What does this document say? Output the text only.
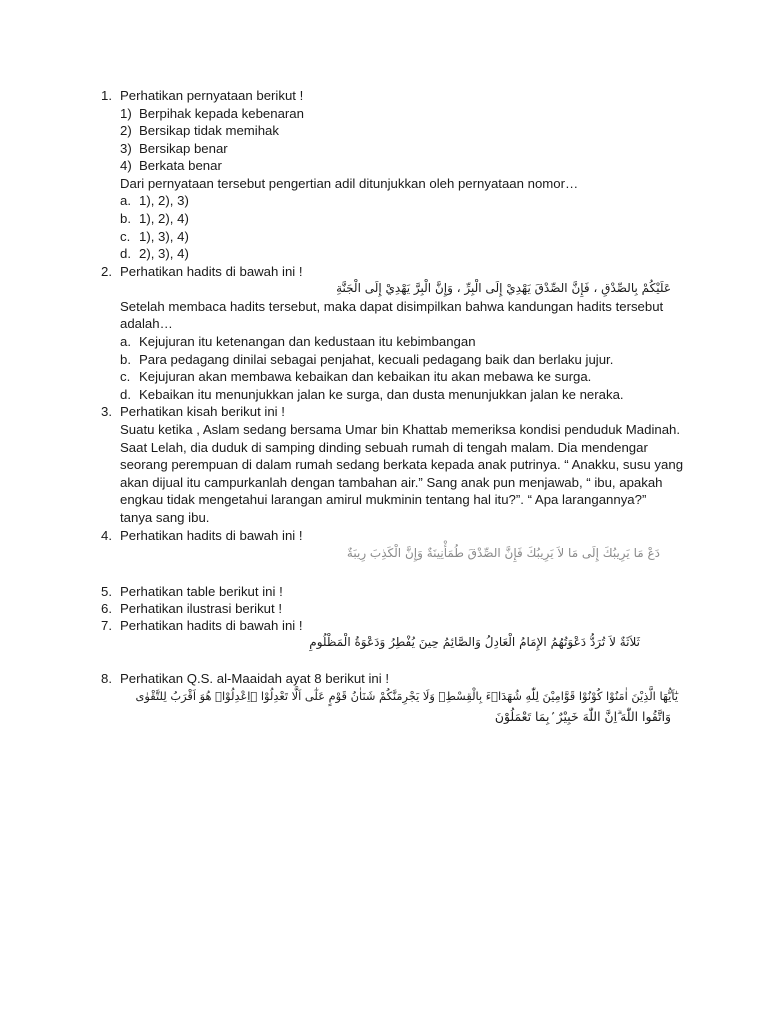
1. Perhatikan pernyataan berikut !
1) Berpihak kepada kebenaran
2) Bersikap tidak memihak
3) Bersikap benar
4) Berkata benar
Dari pernyataan tersebut pengertian adil ditunjukkan oleh pernyataan nomor…
a. 1), 2), 3)
b. 1), 2), 4)
c. 1), 3), 4)
d. 2), 3), 4)
2. Perhatikan hadits di bawah ini !
عَلَيْكُمْ بِالصِّدْقِ ، فَإِنَّ الصِّدْقَ يَهْدِيْ إِلَى الْبِرِّ ، وَإِنَّ الْبِرَّ يَهْدِيْ إِلَى الْجَنَّةِ
Setelah membaca hadits tersebut, maka dapat disimpilkan bahwa kandungan hadits tersebut
adalah…
a. Kejujuran itu ketenangan dan kedustaan itu kebimbangan
b. Para pedagang dinilai sebagai penjahat, kecuali pedagang baik dan berlaku jujur.
c. Kejujuran akan membawa kebaikan dan kebaikan itu akan mebawa ke surga.
d. Kebaikan itu menunjukkan jalan ke surga, dan dusta menunjukkan jalan ke neraka.
3. Perhatikan kisah berikut ini !
Suatu ketika , Aslam sedang bersama Umar bin Khattab memeriksa kondisi penduduk Madinah.
Saat Lelah, dia duduk di samping dinding sebuah rumah di tengah malam. Dia mendengar
seorang perempuan di dalam rumah sedang berkata kepada anak putrinya. “ Anakku, susu yang
akan dijual itu campurkanlah dengan tambahan air.” Sang anak pun menjawab, “ ibu, apakah
engkau tidak mengetahui larangan amirul mukminin tentang hal itu?”. “ Apa larangannya?”
tanya sang ibu.
4. Perhatikan hadits di bawah ini !
دَعْ مَا يَرِيبُكَ إِلَى مَا لاَ يَرِيبُكَ فَإِنَّ الصِّدْقَ طُمَأْنِينَةٌ وَإِنَّ الْكَذِبَ رِيبَةٌ
5. Perhatikan table berikut ini !
6. Perhatikan ilustrasi berikut !
7. Perhatikan hadits di bawah ini !
ثَلاَثَةٌ لاَ تُرَدُّ دَعْوَتُهُمُ الإِمَامُ الْعَادِلُ وَالصَّائِمُ حِينَ يُفْطِرُ وَدَعْوَةُ الْمَظْلُومِ
8. Perhatikan Q.S. al-Maaidah ayat 8 berikut ini !
يٰٓاَيُّهَا الَّذِيْنَ اٰمَنُوْا كُوْنُوْا قَوَّامِيْنَ لِلّٰهِ شُهَدَاۤءَ بِالْقِسْطِۖ وَلَا يَجْرِمَنَّكُمْ شَنَاٰنُ قَوْمٍ عَلٰٓى اَلَّا تَعْدِلُوْا ۗاِعْدِلُوْاۗ هُوَ اَقْرَبُ لِلتَّقْوٰى
وَاتَّقُوا اللّٰهَ ۗاِنَّ اللّٰهَ خَبِيْرٌ ۢبِمَا تَعْمَلُوْنَ
